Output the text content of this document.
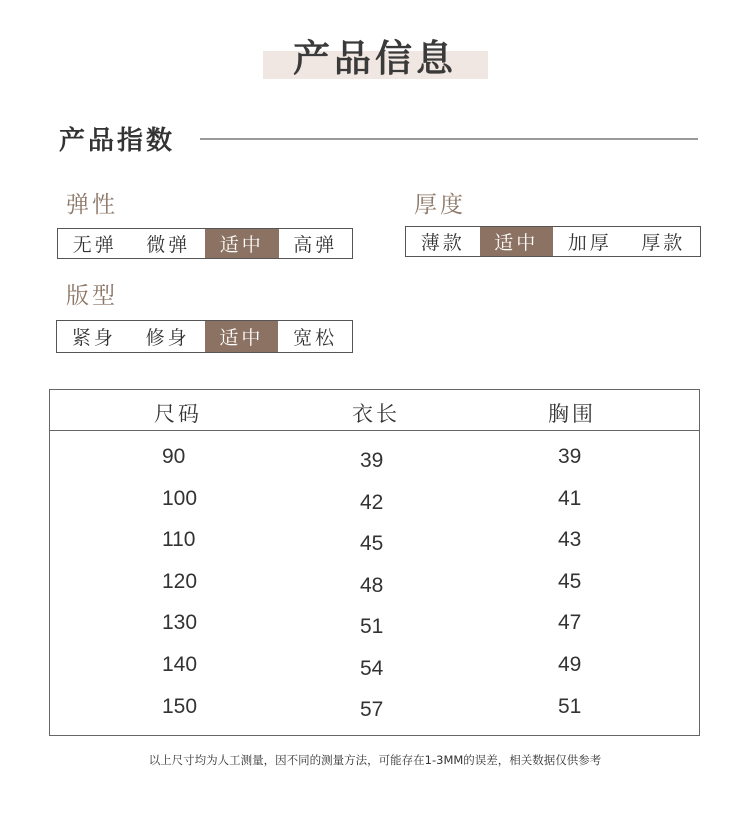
产品信息
产品指数
弹性
无弹	微弹	适中	高弹
厚度
薄款	适中	加厚	厚款
版型
紧身	修身	适中	宽松
尺码	衣长	胸围
90	39	39
100	42	41
110	45	43
120	48	45
130	51	47
140	54	49
150	57	51
以上尺寸均为人工测量，因不同的测量方法，可能存在1-3MM的误差，相关数据仅供参考
